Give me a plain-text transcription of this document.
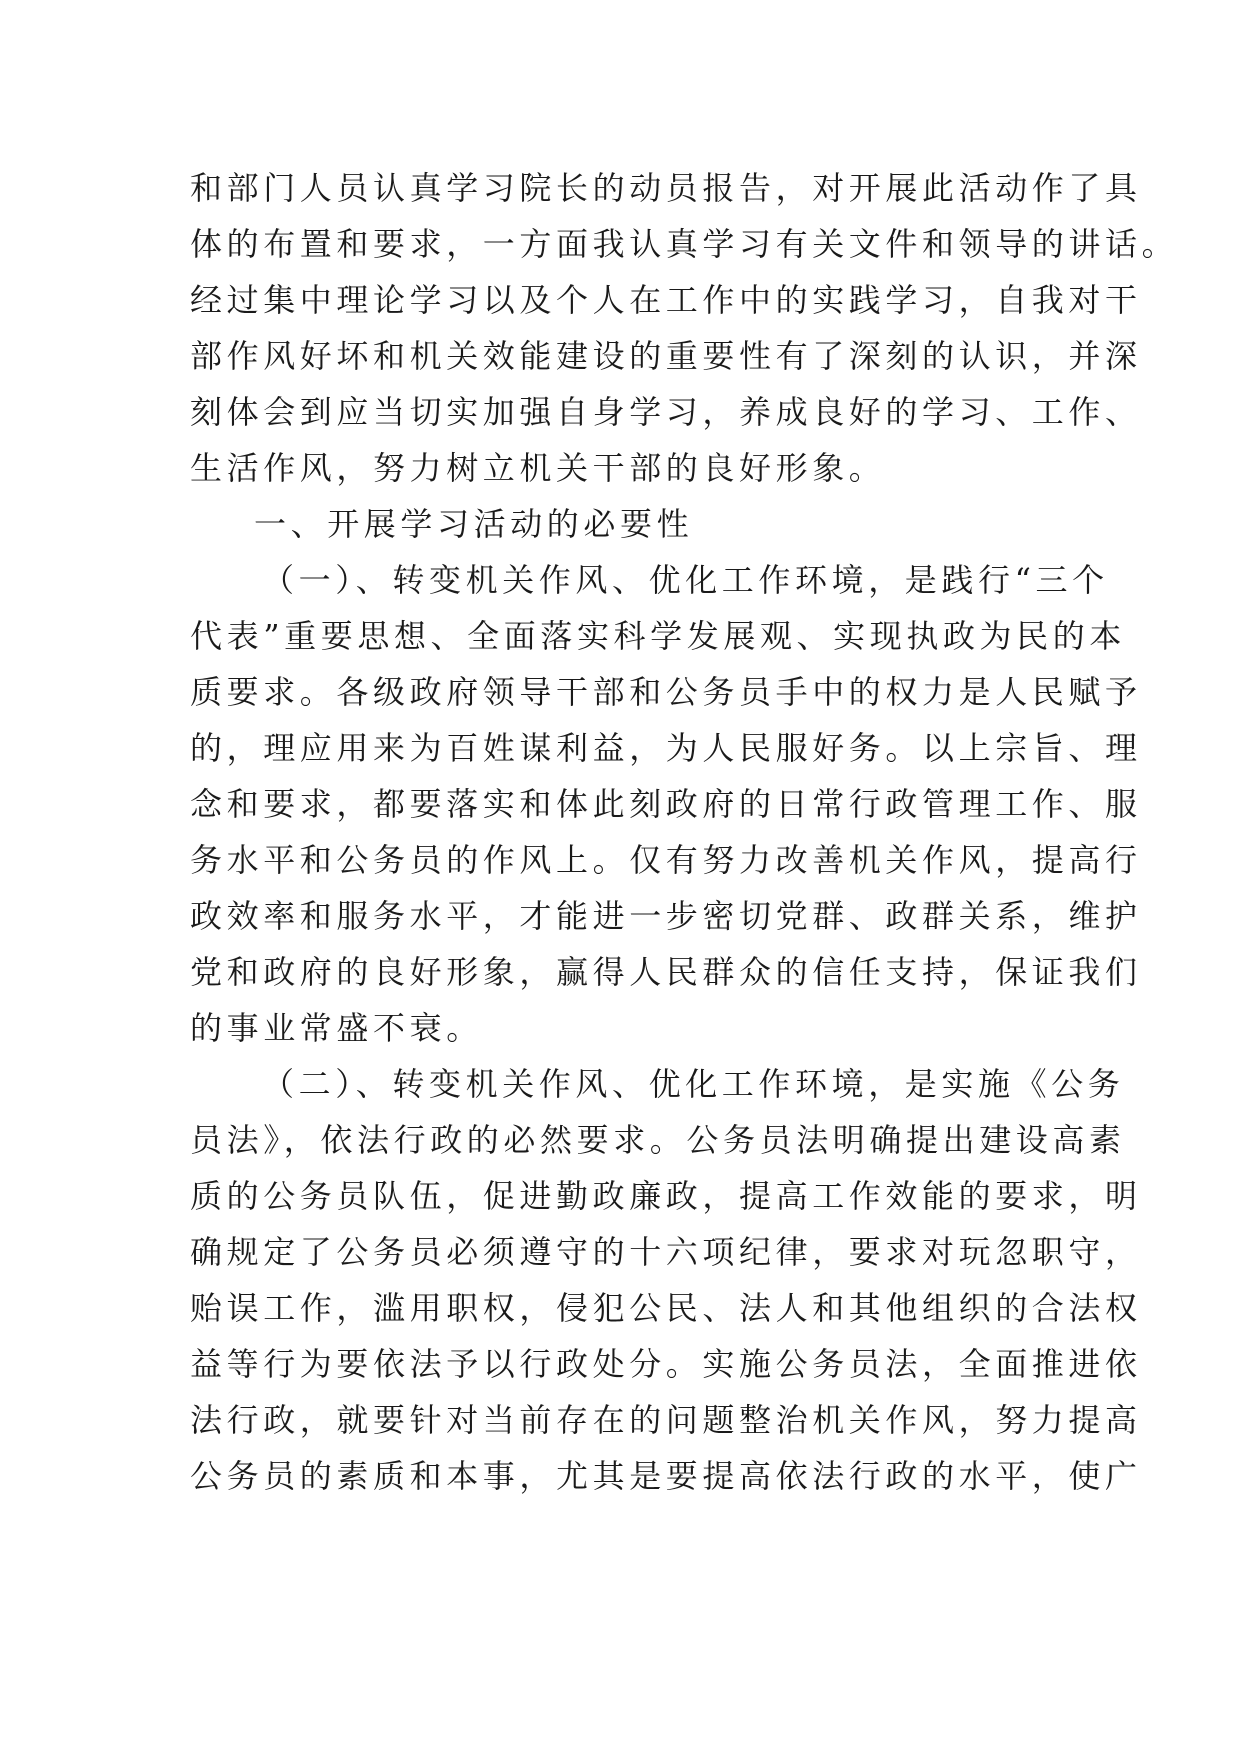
和部门人员认真学习院长的动员报告，对开展此活动作了具
体的布置和要求，一方面我认真学习有关文件和领导的讲话。
经过集中理论学习以及个人在工作中的实践学习，自我对干
部作风好坏和机关效能建设的重要性有了深刻的认识，并深
刻体会到应当切实加强自身学习，养成良好的学习、工作、
生活作风，努力树立机关干部的良好形象。
一、开展学习活动的必要性
（一）、转变机关作风、优化工作环境，是践行“三个
代表”重要思想、全面落实科学发展观、实现执政为民的本
质要求。各级政府领导干部和公务员手中的权力是人民赋予
的，理应用来为百姓谋利益，为人民服好务。以上宗旨、理
念和要求，都要落实和体此刻政府的日常行政管理工作、服
务水平和公务员的作风上。仅有努力改善机关作风，提高行
政效率和服务水平，才能进一步密切党群、政群关系，维护
党和政府的良好形象，赢得人民群众的信任支持，保证我们
的事业常盛不衰。
（二）、转变机关作风、优化工作环境，是实施《公务
员法》，依法行政的必然要求。公务员法明确提出建设高素
质的公务员队伍，促进勤政廉政，提高工作效能的要求，明
确规定了公务员必须遵守的十六项纪律，要求对玩忽职守，
贻误工作，滥用职权，侵犯公民、法人和其他组织的合法权
益等行为要依法予以行政处分。实施公务员法，全面推进依
法行政，就要针对当前存在的问题整治机关作风，努力提高
公务员的素质和本事，尤其是要提高依法行政的水平，使广
